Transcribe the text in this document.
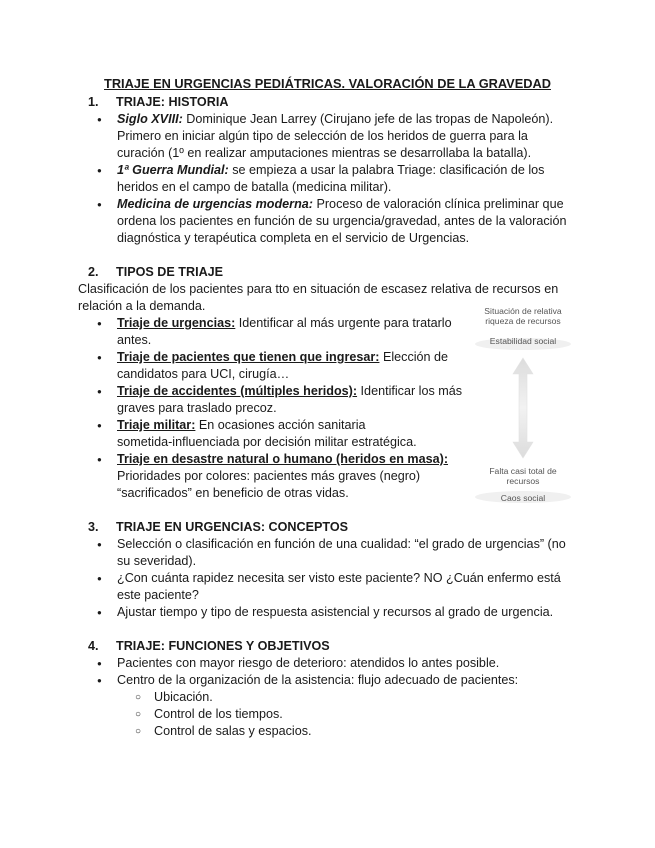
TRIAJE EN URGENCIAS PEDIÁTRICAS. VALORACIÓN DE LA GRAVEDAD
1. TRIAJE: HISTORIA
● Siglo XVIII: Dominique Jean Larrey (Cirujano jefe de las tropas de Napoleón).
Primero en iniciar algún tipo de selección de los heridos de guerra para la
curación (1º en realizar amputaciones mientras se desarrollaba la batalla).
● 1ª Guerra Mundial: se empieza a usar la palabra Triage: clasificación de los
heridos en el campo de batalla (medicina militar).
● Medicina de urgencias moderna: Proceso de valoración clínica preliminar que
ordena los pacientes en función de su urgencia/gravedad, antes de la valoración
diagnóstica y terapéutica completa en el servicio de Urgencias.
2. TIPOS DE TRIAJE
Clasificación de los pacientes para tto en situación de escasez relativa de recursos en
relación a la demanda.
● Triaje de urgencias: Identificar al más urgente para tratarlo
antes.
● Triaje de pacientes que tienen que ingresar: Elección de
candidatos para UCI, cirugía…
● Triaje de accidentes (múltiples heridos): Identificar los más
graves para traslado precoz.
● Triaje militar: En ocasiones acción sanitaria
sometida-influenciada por decisión militar estratégica.
● Triaje en desastre natural o humano (heridos en masa):
Prioridades por colores: pacientes más graves (negro)
“sacrificados” en beneficio de otras vidas.
Situación de relativa
riqueza de recursos
Estabilidad social
Falta casi total de
recursos
Caos social
3. TRIAJE EN URGENCIAS: CONCEPTOS
● Selección o clasificación en función de una cualidad: “el grado de urgencias” (no
su severidad).
● ¿Con cuánta rapidez necesita ser visto este paciente? NO ¿Cuán enfermo está
este paciente?
● Ajustar tiempo y tipo de respuesta asistencial y recursos al grado de urgencia.
4. TRIAJE: FUNCIONES Y OBJETIVOS
● Pacientes con mayor riesgo de deterioro: atendidos lo antes posible.
● Centro de la organización de la asistencia: flujo adecuado de pacientes:
○ Ubicación.
○ Control de los tiempos.
○ Control de salas y espacios.
